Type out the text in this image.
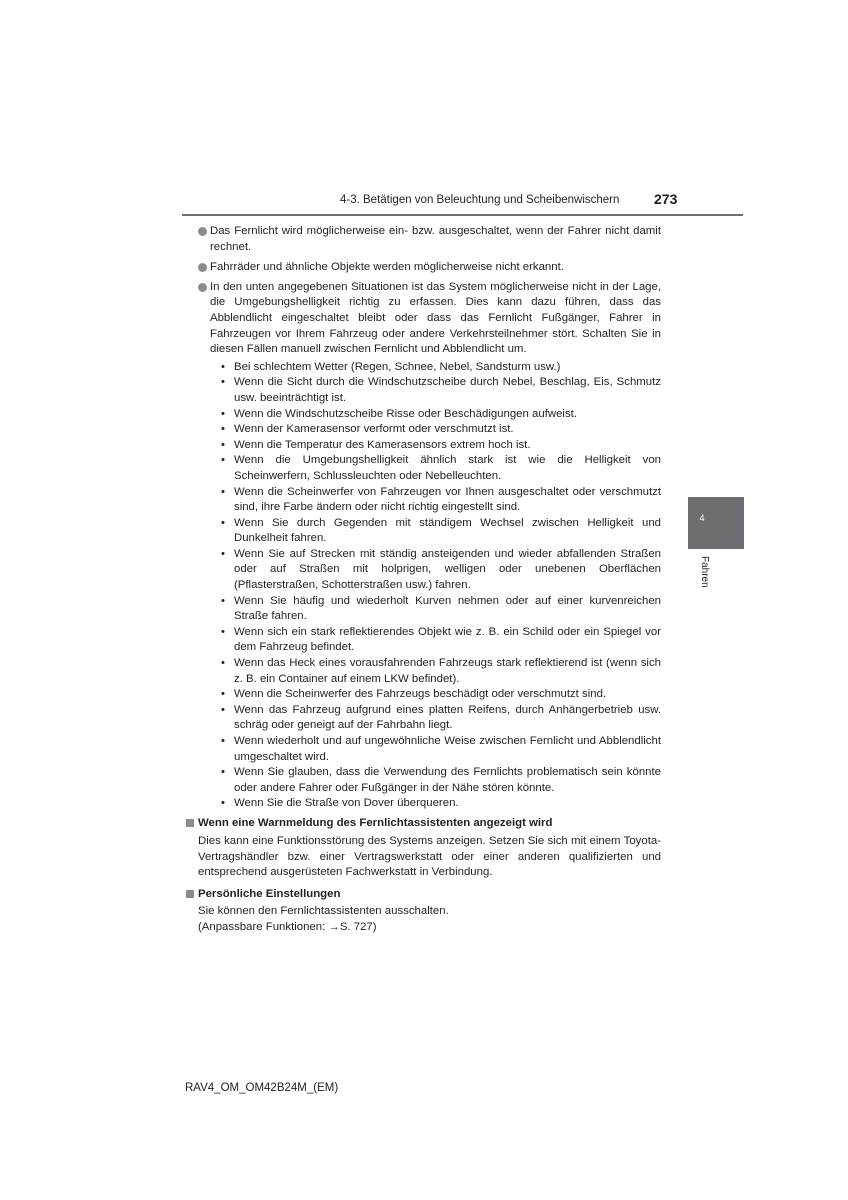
4-3. Betätigen von Beleuchtung und Scheibenwischern 273
Das Fernlicht wird möglicherweise ein- bzw. ausgeschaltet, wenn der Fahrer nicht damit rechnet.
Fahrräder und ähnliche Objekte werden möglicherweise nicht erkannt.
In den unten angegebenen Situationen ist das System möglicherweise nicht in der Lage, die Umgebungshelligkeit richtig zu erfassen. Dies kann dazu führen, dass das Abblendlicht eingeschaltet bleibt oder dass das Fernlicht Fußgänger, Fahrer in Fahrzeugen vor Ihrem Fahrzeug oder andere Verkehrsteilnehmer stört. Schalten Sie in diesen Fällen manuell zwischen Fernlicht und Abblendlicht um.
• Bei schlechtem Wetter (Regen, Schnee, Nebel, Sandsturm usw.)
• Wenn die Sicht durch die Windschutzscheibe durch Nebel, Beschlag, Eis, Schmutz usw. beeinträchtigt ist.
• Wenn die Windschutzscheibe Risse oder Beschädigungen aufweist.
• Wenn der Kamerasensor verformt oder verschmutzt ist.
• Wenn die Temperatur des Kamerasensors extrem hoch ist.
• Wenn die Umgebungshelligkeit ähnlich stark ist wie die Helligkeit von Scheinwerfern, Schlussleuchten oder Nebelleuchten.
• Wenn die Scheinwerfer von Fahrzeugen vor Ihnen ausgeschaltet oder verschmutzt sind, ihre Farbe ändern oder nicht richtig eingestellt sind.
• Wenn Sie durch Gegenden mit ständigem Wechsel zwischen Helligkeit und Dunkelheit fahren.
• Wenn Sie auf Strecken mit ständig ansteigenden und wieder abfallenden Straßen oder auf Straßen mit holprigen, welligen oder unebenen Oberflächen (Pflasterstraßen, Schotterstraßen usw.) fahren.
• Wenn Sie häufig und wiederholt Kurven nehmen oder auf einer kurvenreichen Straße fahren.
• Wenn sich ein stark reflektierendes Objekt wie z. B. ein Schild oder ein Spiegel vor dem Fahrzeug befindet.
• Wenn das Heck eines vorausfahrenden Fahrzeugs stark reflektierend ist (wenn sich z. B. ein Container auf einem LKW befindet).
• Wenn die Scheinwerfer des Fahrzeugs beschädigt oder verschmutzt sind.
• Wenn das Fahrzeug aufgrund eines platten Reifens, durch Anhängerbetrieb usw. schräg oder geneigt auf der Fahrbahn liegt.
• Wenn wiederholt und auf ungewöhnliche Weise zwischen Fernlicht und Abblendlicht umgeschaltet wird.
• Wenn Sie glauben, dass die Verwendung des Fernlichts problematisch sein könnte oder andere Fahrer oder Fußgänger in der Nähe stören könnte.
• Wenn Sie die Straße von Dover überqueren.
Wenn eine Warnmeldung des Fernlichtassistenten angezeigt wird
Dies kann eine Funktionsstörung des Systems anzeigen. Setzen Sie sich mit einem Toyota-Vertragshändler bzw. einer Vertragswerkstatt oder einer anderen qualifizierten und entsprechend ausgerüsteten Fachwerkstatt in Verbindung.
Persönliche Einstellungen
Sie können den Fernlichtassistenten ausschalten.
(Anpassbare Funktionen: →S. 727)
4
Fahren
RAV4_OM_OM42B24M_(EM)
